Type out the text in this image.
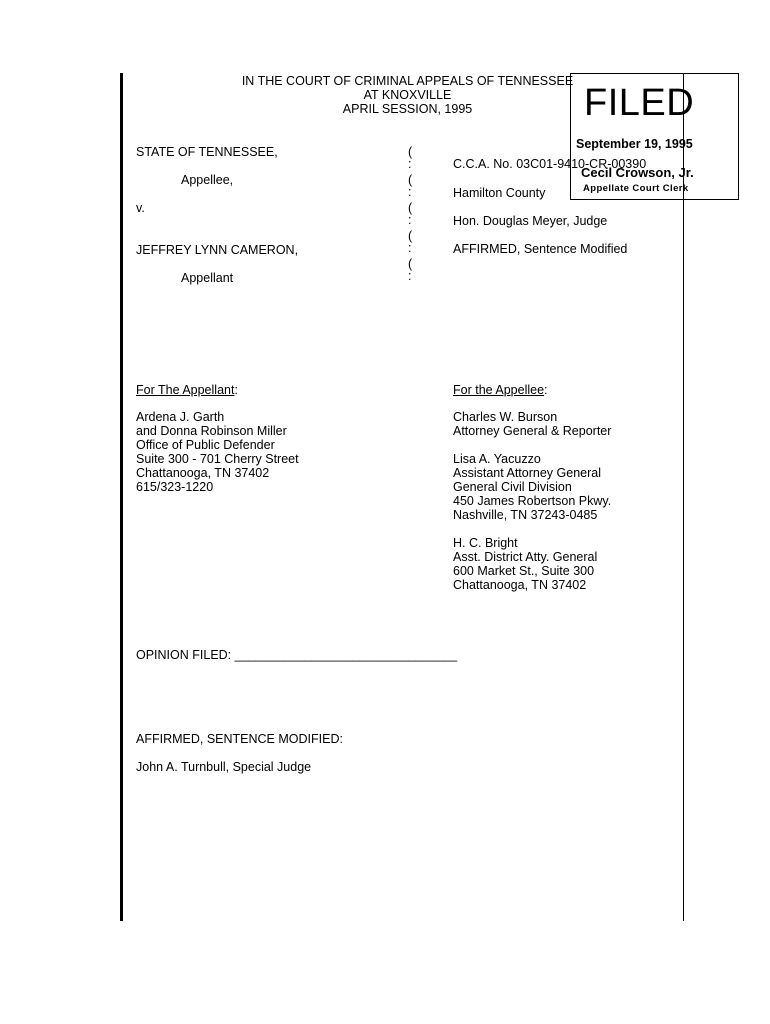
IN THE COURT OF CRIMINAL APPEALS OF TENNESSEE
AT KNOXVILLE
APRIL SESSION, 1995	FILED
September 19, 1995
Cecil Crowson, Jr.
Appellate Court Clerk
STATE OF TENNESSEE,
Appellee,
v.
JEFFREY LYNN CAMERON,
Appellant
(
:
(
:
(
:
(
:
(
:
C.C.A. No. 03C01-9410-CR-00390
Hamilton County
Hon. Douglas Meyer, Judge
AFFIRMED, Sentence Modified
For The Appellant:
Ardena J. Garth
and Donna Robinson Miller
Office of Public Defender
Suite 300 - 701 Cherry Street
Chattanooga, TN 37402
615/323-1220
For the Appellee:
Charles W. Burson
Attorney General & Reporter
Lisa A. Yacuzzo
Assistant Attorney General
General Civil Division
450 James Robertson Pkwy.
Nashville, TN 37243-0485
H. C. Bright
Asst. District Atty. General
600 Market St., Suite 300
Chattanooga, TN 37402
OPINION FILED: ________________________________
AFFIRMED, SENTENCE MODIFIED:
John A. Turnbull, Special Judge
